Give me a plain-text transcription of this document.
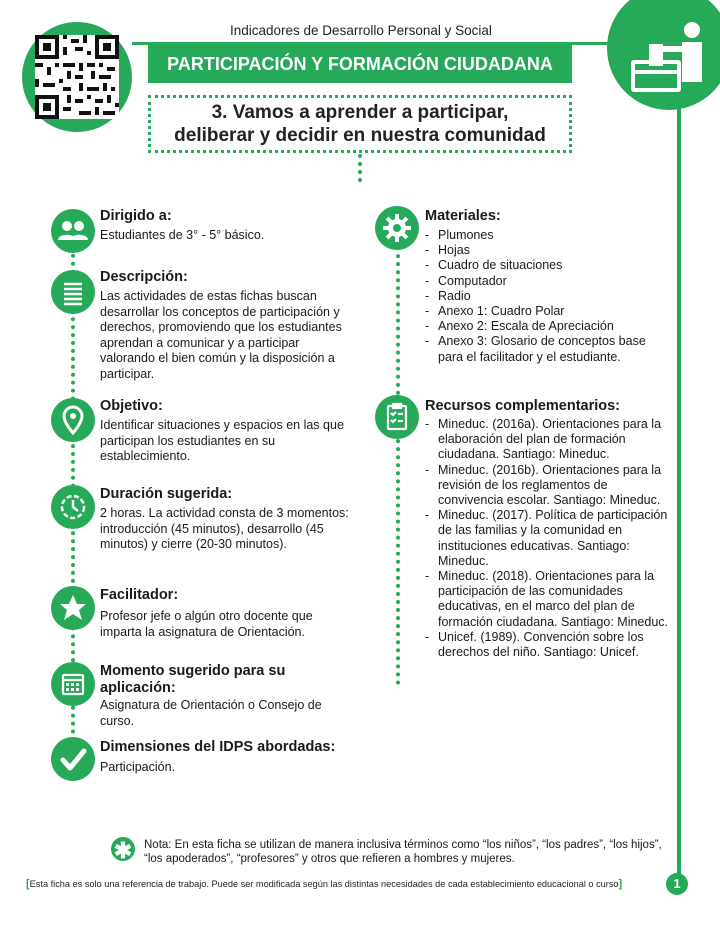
Indicadores de Desarrollo Personal y Social
PARTICIPACIÓN Y FORMACIÓN CIUDADANA
3. Vamos a aprender a participar,
deliberar y decidir en nuestra comunidad
Dirigido a:
Estudiantes de 3° - 5° básico.
Descripción:
Las actividades de estas fichas buscan desarrollar los conceptos de participación y derechos, promoviendo que los estudiantes aprendan a comunicar y a participar valorando el bien común y la disposición a participar.
Objetivo:
Identificar situaciones y espacios en las que participan los estudiantes en su establecimiento.
Duración sugerida:
2 horas. La actividad consta de 3 momentos: introducción (45 minutos), desarrollo (45 minutos) y cierre (20-30 minutos).
Facilitador:
Profesor jefe o algún otro docente que imparta la asignatura de Orientación.
Momento sugerido para su aplicación:
Asignatura de Orientación o Consejo de curso.
Dimensiones del IDPS abordadas:
Participación.
Materiales:
- Plumones
- Hojas
- Cuadro de situaciones
- Computador
- Radio
- Anexo 1: Cuadro Polar
- Anexo 2: Escala de Apreciación
- Anexo 3: Glosario de conceptos base para el facilitador y el estudiante.
Recursos complementarios:
- Mineduc. (2016a). Orientaciones para la elaboración del plan de formación ciudadana. Santiago: Mineduc.
- Mineduc. (2016b). Orientaciones para la revisión de los reglamentos de convivencia escolar. Santiago: Mineduc.
- Mineduc. (2017). Política de participación de las familias y la comunidad en instituciones educativas. Santiago: Mineduc.
- Mineduc. (2018). Orientaciones para la participación de las comunidades educativas, en el marco del plan de formación ciudadana. Santiago: Mineduc.
- Unicef. (1989). Convención sobre los derechos del niño. Santiago: Unicef.
✱ Nota: En esta ficha se utilizan de manera inclusiva términos como “los niños”, “los padres”, “los hijos”, “los apoderados”, “profesores” y otros que refieren a hombres y mujeres.
[Esta ficha es solo una referencia de trabajo. Puede ser modificada según las distintas necesidades de cada establecimiento educacional o curso]	1
